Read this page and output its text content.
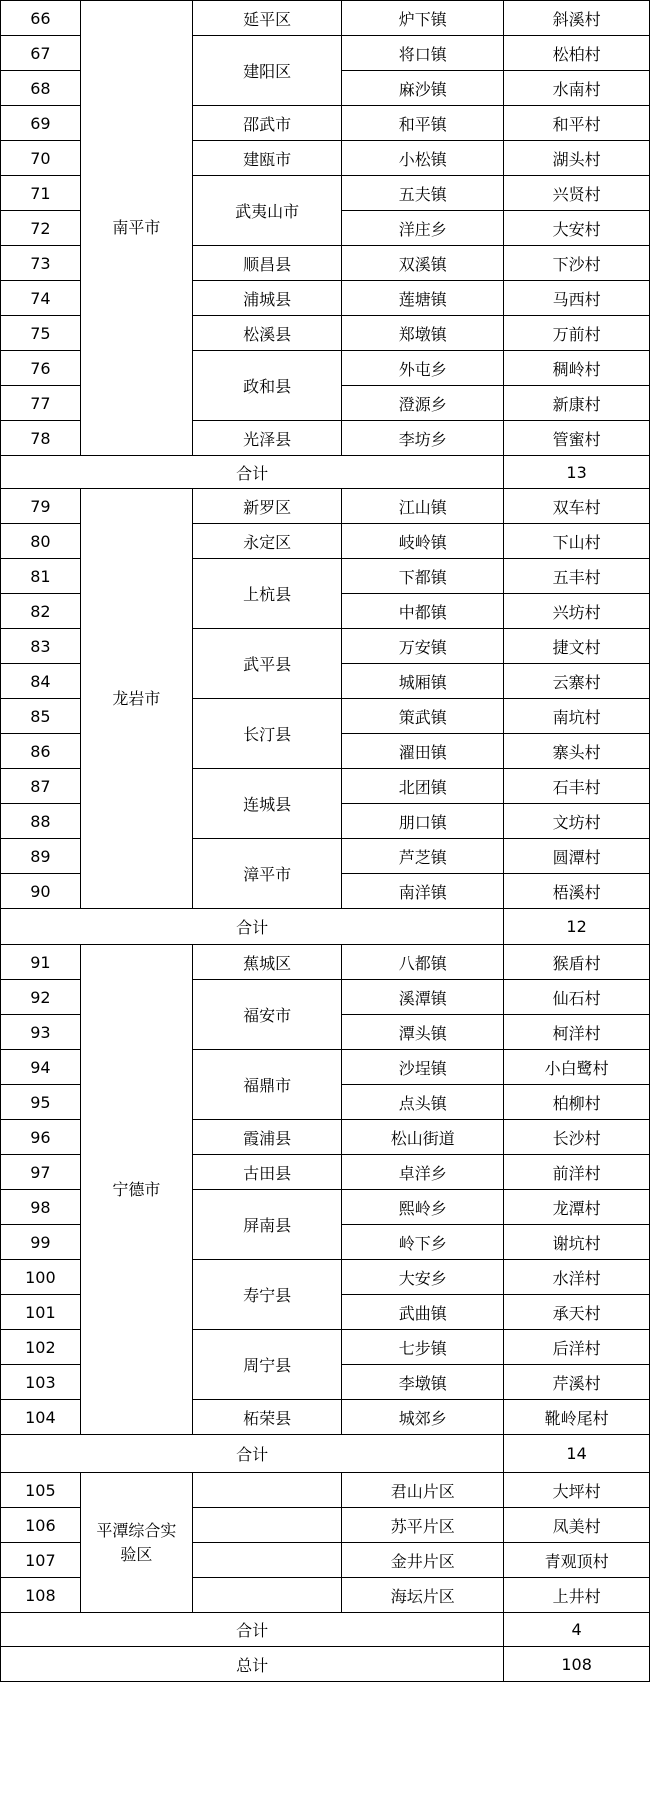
66	南平市	延平区	炉下镇	斜溪村
67		建阳区	将口镇	松柏村
68			麻沙镇	水南村
69		邵武市	和平镇	和平村
70		建瓯市	小松镇	湖头村
71		武夷山市	五夫镇	兴贤村
72			洋庄乡	大安村
73		顺昌县	双溪镇	下沙村
74		浦城县	莲塘镇	马西村
75		松溪县	郑墩镇	万前村
76		政和县	外屯乡	稠岭村
77			澄源乡	新康村
78		光泽县	李坊乡	管蜜村
合计				13
79	龙岩市	新罗区	江山镇	双车村
80		永定区	岐岭镇	下山村
81		上杭县	下都镇	五丰村
82			中都镇	兴坊村
83		武平县	万安镇	捷文村
84			城厢镇	云寨村
85		长汀县	策武镇	南坑村
86			濯田镇	寨头村
87		连城县	北团镇	石丰村
88			朋口镇	文坊村
89		漳平市	芦芝镇	圆潭村
90			南洋镇	梧溪村
合计				12
91	宁德市	蕉城区	八都镇	猴盾村
92		福安市	溪潭镇	仙石村
93			潭头镇	柯洋村
94		福鼎市	沙埕镇	小白鹭村
95			点头镇	柏柳村
96		霞浦县	松山街道	长沙村
97		古田县	卓洋乡	前洋村
98		屏南县	熙岭乡	龙潭村
99			岭下乡	谢坑村
100		寿宁县	大安乡	水洋村
101			武曲镇	承天村
102		周宁县	七步镇	后洋村
103			李墩镇	芹溪村
104		柘荣县	城郊乡	靴岭尾村
合计				14
105	平潭综合实验区		君山片区	大坪村
106			苏平片区	凤美村
107			金井片区	青观顶村
108			海坛片区	上井村
合计				4
总计				108
